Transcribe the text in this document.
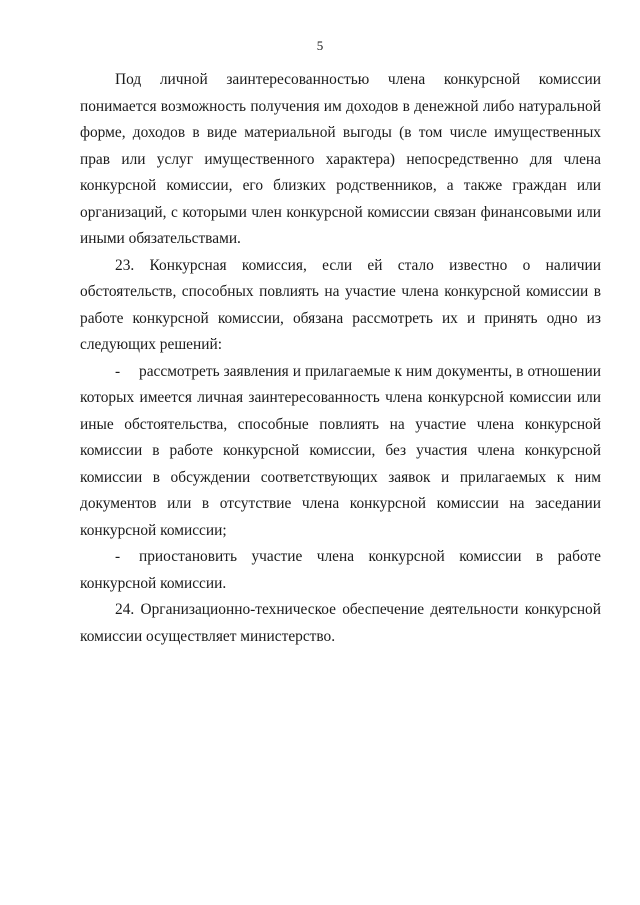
5

Под личной заинтересованностью члена конкурсной комиссии понимается возможность получения им доходов в денежной либо натуральной форме, доходов в виде материальной выгоды (в том числе имущественных прав или услуг имущественного характера) непосредственно для члена конкурсной комиссии, его близких родственников, а также граждан или организаций, с которыми член конкурсной комиссии связан финансовыми или иными обязательствами.

23. Конкурсная комиссия, если ей стало известно о наличии обстоятельств, способных повлиять на участие члена конкурсной комиссии в работе конкурсной комиссии, обязана рассмотреть их и принять одно из следующих решений:

- рассмотреть заявления и прилагаемые к ним документы, в отношении которых имеется личная заинтересованность члена конкурсной комиссии или иные обстоятельства, способные повлиять на участие члена конкурсной комиссии в работе конкурсной комиссии, без участия члена конкурсной комиссии в обсуждении соответствующих заявок и прилагаемых к ним документов или в отсутствие члена конкурсной комиссии на заседании конкурсной комиссии;

- приостановить участие члена конкурсной комиссии в работе конкурсной комиссии.

24. Организационно-техническое обеспечение деятельности конкурсной комиссии осуществляет министерство.
